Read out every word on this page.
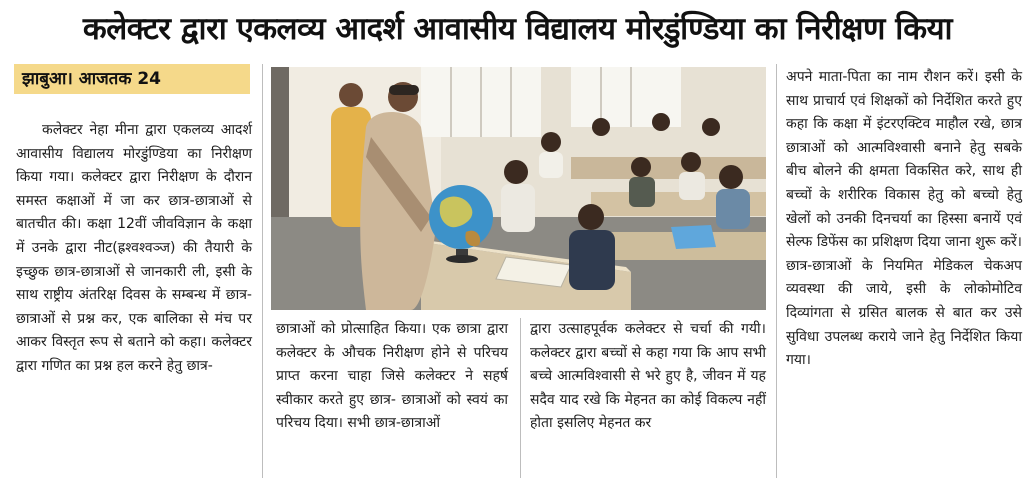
कलेक्टर द्वारा एकलव्य आदर्श आवासीय विद्यालय मोरडुंण्डिया का निरीक्षण किया
झाबुआ। आजतक 24

कलेक्टर नेहा मीना द्वारा एकलव्य आदर्श आवासीय विद्यालय मोरडुंण्डिया का निरीक्षण किया गया। कलेक्टर द्वारा निरीक्षण के दौरान समस्त कक्षाओं में जा कर छात्र-छात्राओं से बातचीत की। कक्षा 12वीं जीवविज्ञान के कक्षा में उनके द्वारा नीट(ह्रश्वश्वञ्ज) की तैयारी के इच्छुक छात्र-छात्राओं से जानकारी ली, इसी के साथ राष्ट्रीय अंतरिक्ष दिवस के सम्बन्ध में छात्र-छात्राओं से प्रश्न कर, एक बालिका से मंच पर आकर विस्तृत रूप से बताने को कहा। कलेक्टर द्वारा गणित का प्रश्न हल करने हेतु छात्र-

छात्राओं को प्रोत्साहित किया। एक छात्रा द्वारा कलेक्टर के औचक निरीक्षण होने से परिचय प्राप्त करना चाहा जिसे कलेक्टर ने सहर्ष स्वीकार करते हुए छात्र- छात्राओं को स्वयं का परिचय दिया। सभी छात्र-छात्राओं

द्वारा उत्साहपूर्वक कलेक्टर से चर्चा की गयी। कलेक्टर द्वारा बच्चों से कहा गया कि आप सभी बच्चे आत्मविश्वासी से भरे हुए है, जीवन में यह सदैव याद रखे कि मेहनत का कोई विकल्प नहीं होता इसलिए मेहनत कर

अपने माता-पिता का नाम रौशन करें। इसी के साथ प्राचार्य एवं शिक्षकों को निर्देशित करते हुए कहा कि कक्षा में इंटरएक्टिव माहौल रखे, छात्र छात्राओं को आत्मविश्वासी बनाने हेतु सबके बीच बोलने की क्षमता विकसित करे, साथ ही बच्चों के शरीरिक विकास हेतु को बच्चो हेतु खेलों को उनकी दिनचर्या का हिस्सा बनायें एवं सेल्फ डिफेंस का प्रशिक्षण दिया जाना शुरू करें। छात्र-छात्राओं के नियमित मेडिकल चेकअप व्यवस्था की जाये, इसी के लोकोमोटिव दिव्यांगता से ग्रसित बालक से बात कर उसे सुविधा उपलब्ध कराये जाने हेतु निर्देशित किया गया।
